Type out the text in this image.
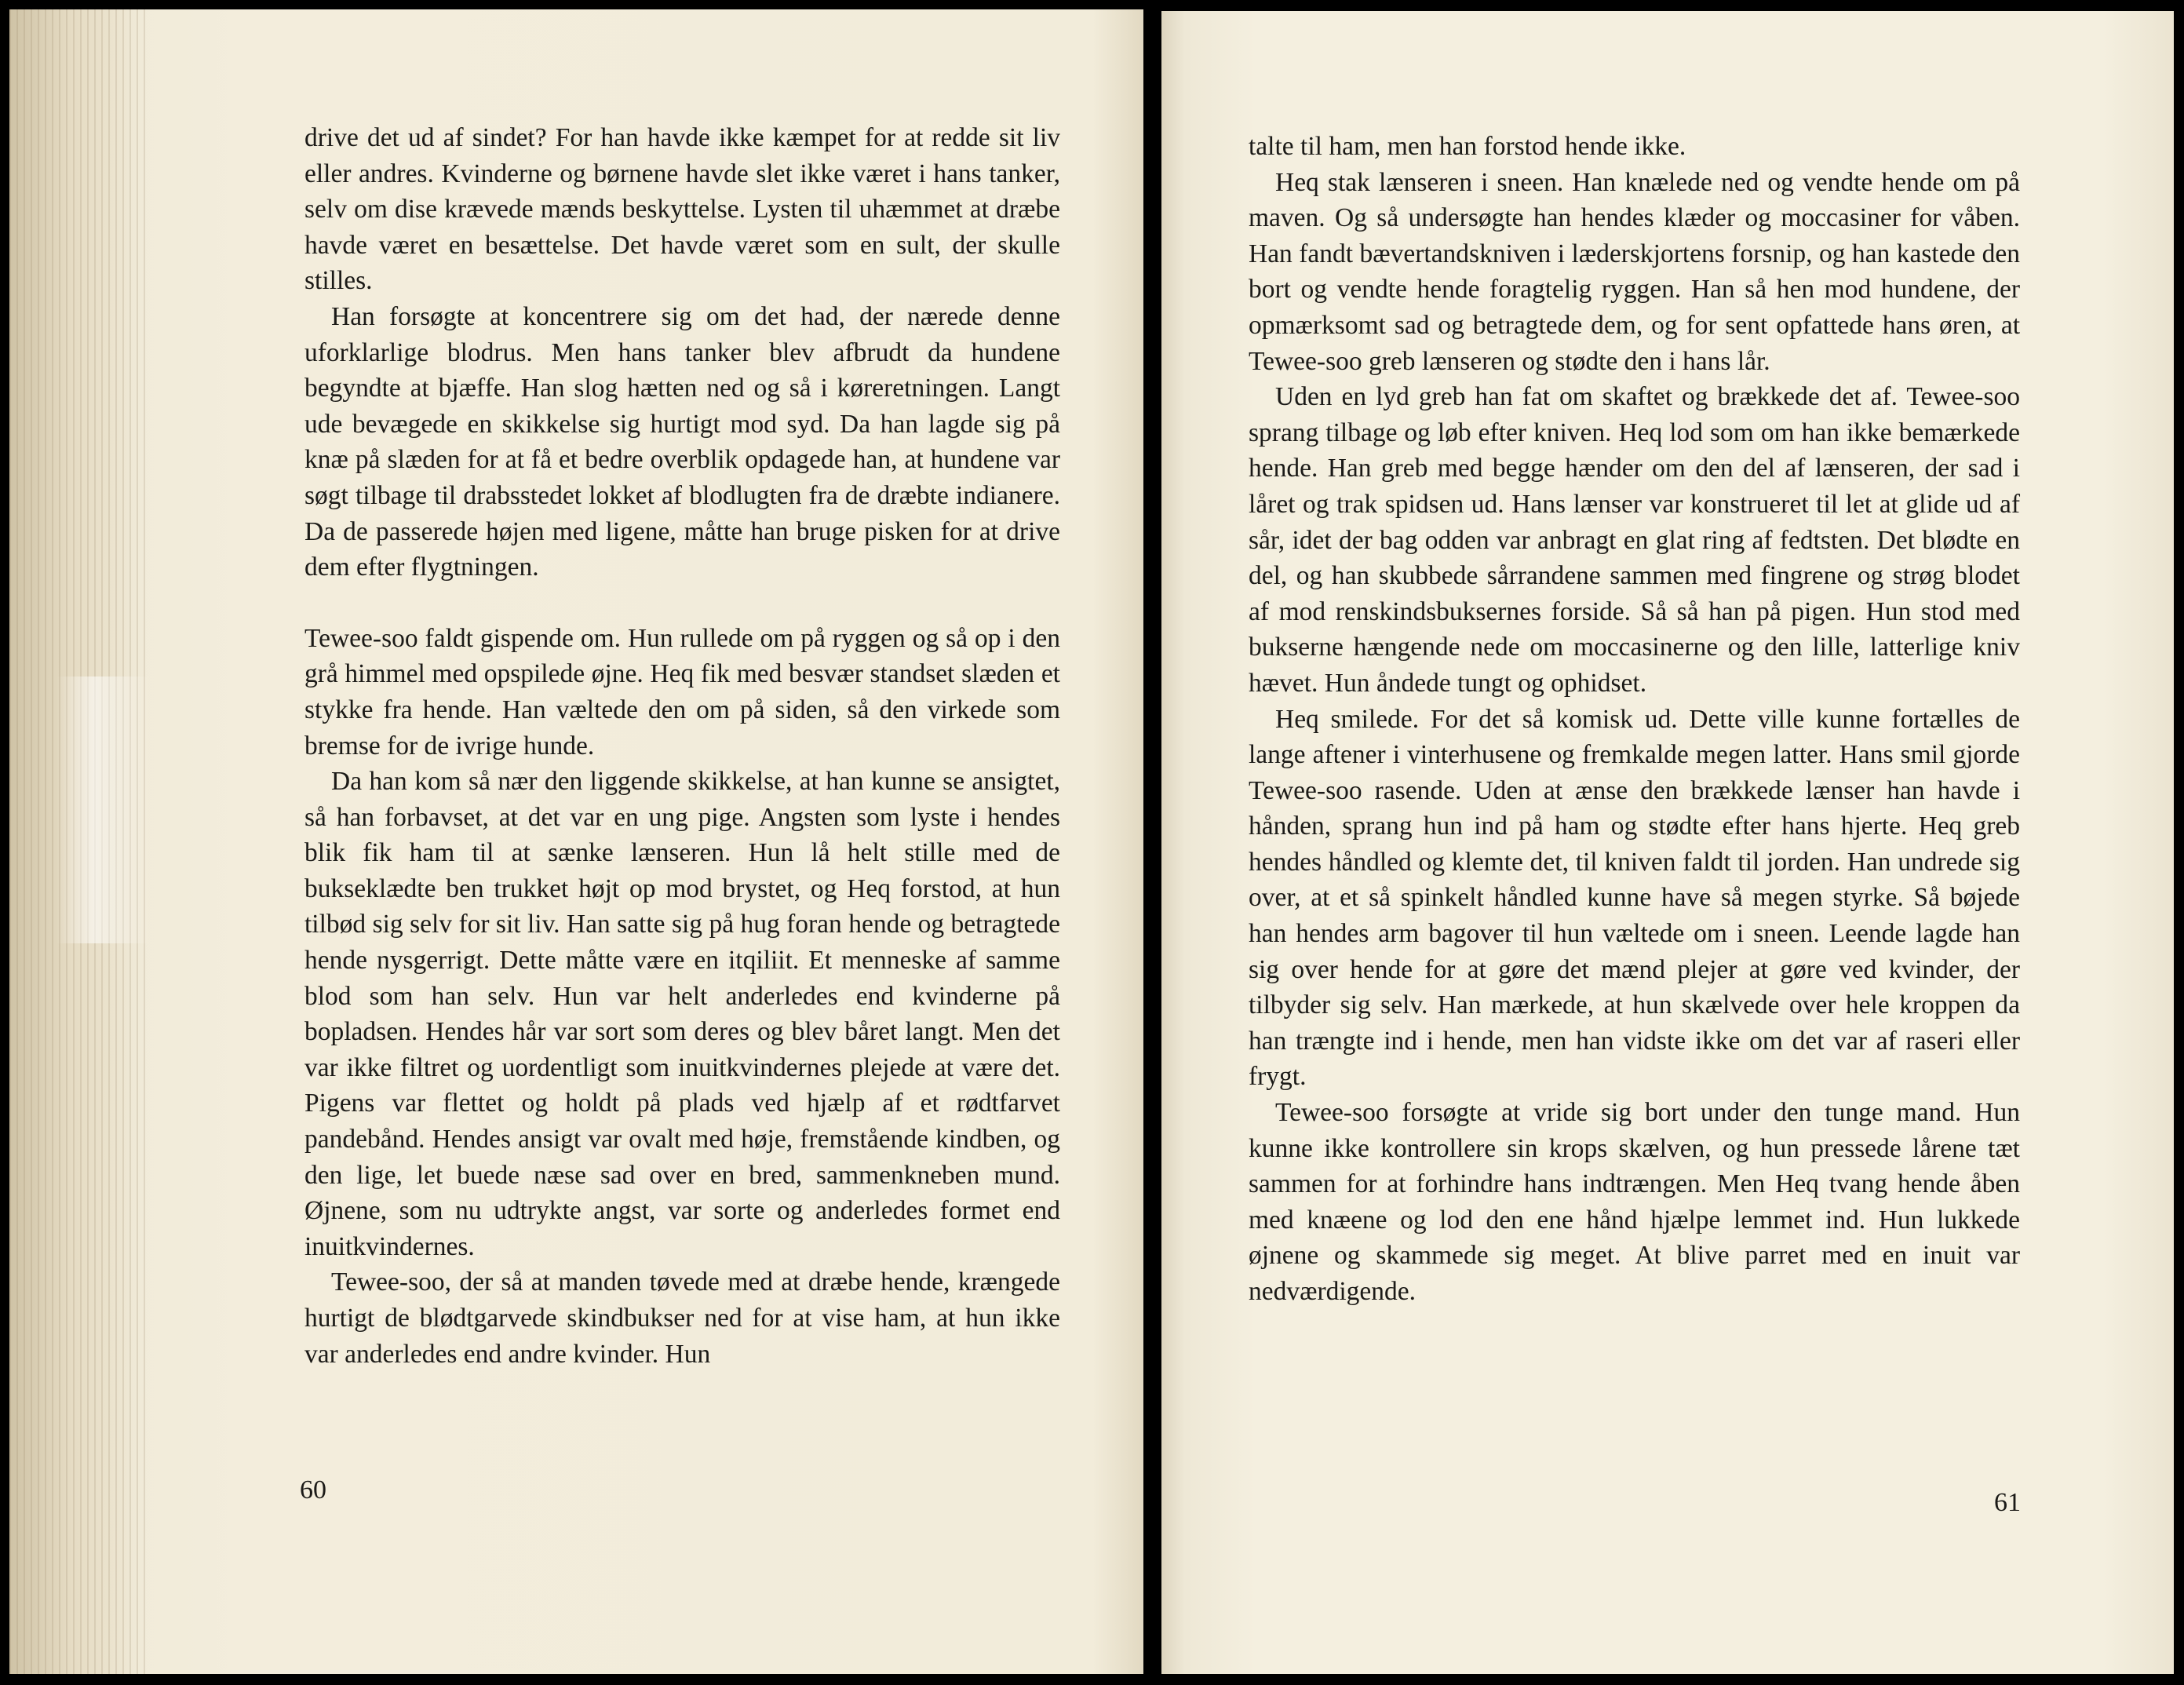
drive det ud af sindet? For han havde ikke kæmpet for at redde sit liv eller andres. Kvinderne og børnene havde slet ikke været i hans tanker, selv om dise krævede mænds beskyttelse. Lysten til uhæmmet at dræbe havde været en besættelse. Det havde været som en sult, der skulle stilles.

Han forsøgte at koncentrere sig om det had, der nærede denne uforklarlige blodrus. Men hans tanker blev afbrudt da hundene begyndte at bjæffe. Han slog hætten ned og så i køreretningen. Langt ude bevægede en skikkelse sig hurtigt mod syd. Da han lagde sig på knæ på slæden for at få et bedre overblik opdagede han, at hundene var søgt tilbage til drabsstedet lokket af blodlugten fra de dræbte indianere. Da de passerede højen med ligene, måtte han bruge pisken for at drive dem efter flygtningen.

Tewee-soo faldt gispende om. Hun rullede om på ryggen og så op i den grå himmel med opspilede øjne. Heq fik med besvær standset slæden et stykke fra hende. Han væltede den om på siden, så den virkede som bremse for de ivrige hunde.

Da han kom så nær den liggende skikkelse, at han kunne se ansigtet, så han forbavset, at det var en ung pige. Angsten som lyste i hendes blik fik ham til at sænke lænseren. Hun lå helt stille med de bukseklædte ben trukket højt op mod brystet, og Heq forstod, at hun tilbød sig selv for sit liv. Han satte sig på hug foran hende og betragtede hende nysgerrigt. Dette måtte være en itqiliit. Et menneske af samme blod som han selv. Hun var helt anderledes end kvinderne på bopladsen. Hendes hår var sort som deres og blev båret langt. Men det var ikke filtret og uordentligt som inuitkvindernes plejede at være det. Pigens var flettet og holdt på plads ved hjælp af et rødtfarvet pandebånd. Hendes ansigt var ovalt med høje, fremstående kindben, og den lige, let buede næse sad over en bred, sammenkneben mund. Øjnene, som nu udtrykte angst, var sorte og anderledes formet end inuitkvindernes.

Tewee-soo, der så at manden tøvede med at dræbe hende, krængede hurtigt de blødtgarvede skindbukser ned for at vise ham, at hun ikke var anderledes end andre kvinder. Hun

60

talte til ham, men han forstod hende ikke.

Heq stak lænseren i sneen. Han knælede ned og vendte hende om på maven. Og så undersøgte han hendes klæder og moccasiner for våben. Han fandt bævertandskniven i læderskjortens forsnip, og han kastede den bort og vendte hende foragtelig ryggen. Han så hen mod hundene, der opmærksomt sad og betragtede dem, og for sent opfattede hans øren, at Tewee-soo greb lænseren og stødte den i hans lår.

Uden en lyd greb han fat om skaftet og brækkede det af. Tewee-soo sprang tilbage og løb efter kniven. Heq lod som om han ikke bemærkede hende. Han greb med begge hænder om den del af lænseren, der sad i låret og trak spidsen ud. Hans lænser var konstrueret til let at glide ud af sår, idet der bag odden var anbragt en glat ring af fedtsten. Det blødte en del, og han skubbede sårrandene sammen med fingrene og strøg blodet af mod renskindsbuksernes forside. Så så han på pigen. Hun stod med bukserne hængende nede om moccasinerne og den lille, latterlige kniv hævet. Hun åndede tungt og ophidset.

Heq smilede. For det så komisk ud. Dette ville kunne fortælles de lange aftener i vinterhusene og fremkalde megen latter. Hans smil gjorde Tewee-soo rasende. Uden at ænse den brækkede lænser han havde i hånden, sprang hun ind på ham og stødte efter hans hjerte. Heq greb hendes håndled og klemte det, til kniven faldt til jorden. Han undrede sig over, at et så spinkelt håndled kunne have så megen styrke. Så bøjede han hendes arm bagover til hun væltede om i sneen. Leende lagde han sig over hende for at gøre det mænd plejer at gøre ved kvinder, der tilbyder sig selv. Han mærkede, at hun skælvede over hele kroppen da han trængte ind i hende, men han vidste ikke om det var af raseri eller frygt.

Tewee-soo forsøgte at vride sig bort under den tunge mand. Hun kunne ikke kontrollere sin krops skælven, og hun pressede lårene tæt sammen for at forhindre hans indtrængen. Men Heq tvang hende åben med knæene og lod den ene hånd hjælpe lemmet ind. Hun lukkede øjnene og skammede sig meget. At blive parret med en inuit var nedværdigende.

61
